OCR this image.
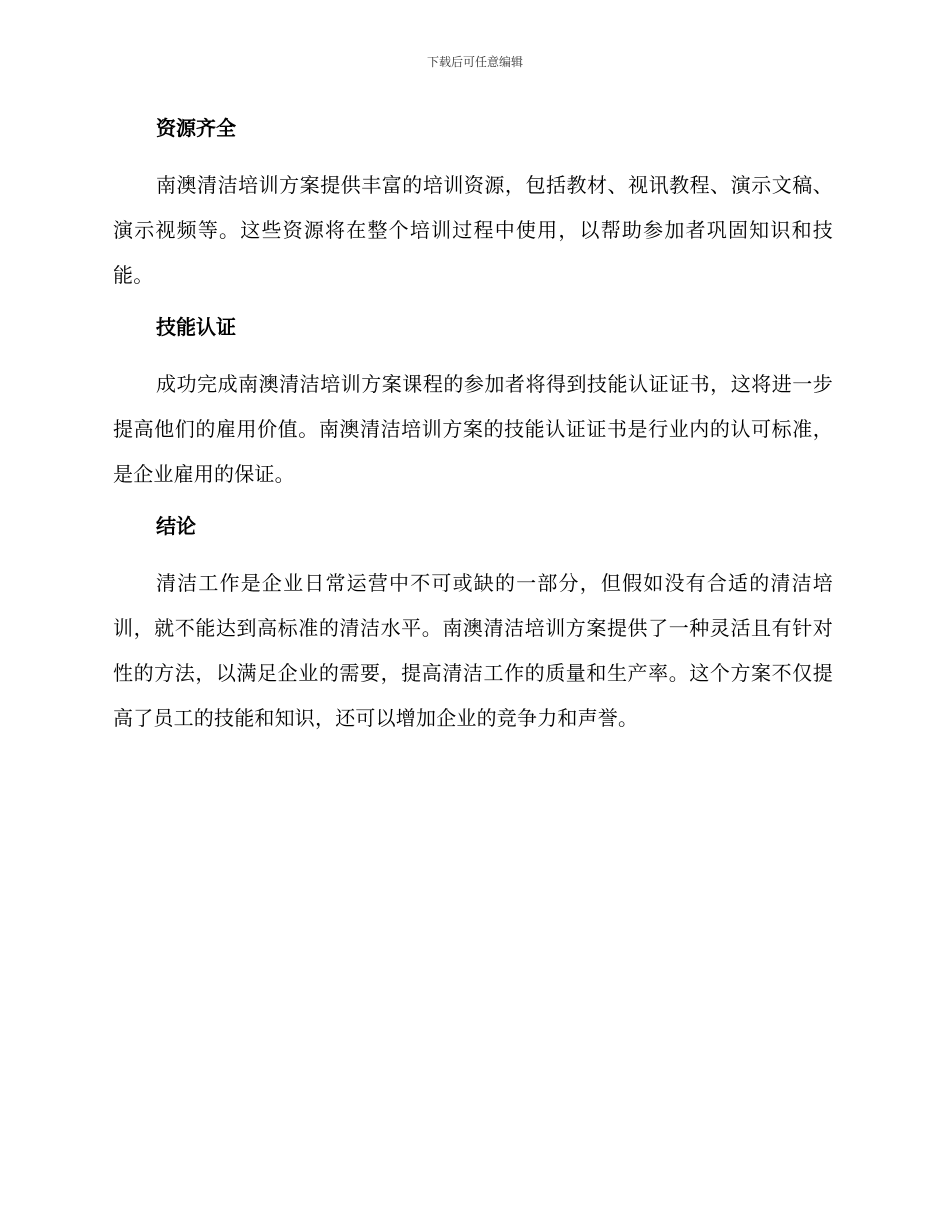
下载后可任意编辑
资源齐全

南澳清洁培训方案提供丰富的培训资源，包括教材、视讯教程、演示文稿、演示视频等。这些资源将在整个培训过程中使用，以帮助参加者巩固知识和技能。

技能认证

成功完成南澳清洁培训方案课程的参加者将得到技能认证证书，这将进一步提高他们的雇用价值。南澳清洁培训方案的技能认证证书是行业内的认可标准，是企业雇用的保证。

结论

清洁工作是企业日常运营中不可或缺的一部分，但假如没有合适的清洁培训，就不能达到高标准的清洁水平。南澳清洁培训方案提供了一种灵活且有针对性的方法，以满足企业的需要，提高清洁工作的质量和生产率。这个方案不仅提高了员工的技能和知识，还可以增加企业的竞争力和声誉。
